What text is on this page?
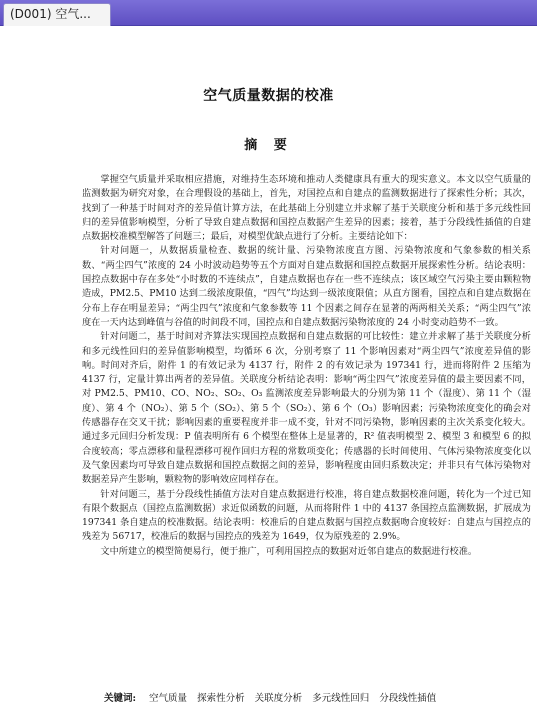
(D001) 空气...
空气质量数据的校准
摘 要

掌握空气质量并采取相应措施，对维持生态环境和推动人类健康具有重大的现实意义。本文以空气质量的监测数据为研究对象，在合理假设的基础上，首先，对国控点和自建点的监测数据进行了探索性分析；其次，找到了一种基于时间对齐的差异值计算方法，在此基础上分别建立并求解了基于关联度分析和基于多元线性回归的差异值影响模型，分析了导致自建点数据和国控点数据产生差异的因素；接着，基于分段线性插值的自建点数据校准模型解答了问题三；最后，对模型优缺点进行了分析。主要结论如下：

针对问题一，从数据质量检查、数据的统计量、污染物浓度直方图、污染物浓度和气象参数的相关系数、“两尘四气”浓度的 24 小时波动趋势等五个方面对自建点数据和国控点数据开展探索性分析。结论表明：国控点数据中存在多处“小时数的不连续点”，自建点数据也存在一些不连续点；该区域空气污染主要由颗粒物造成，PM2.5、PM10 达到二级浓度限值，“四气”均达到一级浓度限值；从直方图看，国控点和自建点数据在分布上存在明显差异；“两尘四气”浓度和气象参数等 11 个因素之间存在显著的两两相关关系；“两尘四气”浓度在一天内达到峰值与谷值的时间段不同，国控点和自建点数据污染物浓度的 24 小时变动趋势不一致。

针对问题二，基于时间对齐算法实现国控点数据和自建点数据的可比较性：建立并求解了基于关联度分析和多元线性回归的差异值影响模型，均循环 6 次，分别考察了 11 个影响因素对“两尘四气”浓度差异值的影响。时间对齐后，附件 1 的有效记录为 4137 行，附件 2 的有效记录为 197341 行，进而将附件 2 压缩为 4137 行，定量计算出两者的差异值。关联度分析结论表明：影响“两尘四气”浓度差异值的最主要因素不同，对 PM2.5、PM10、CO、NO₂、SO₂、O₃ 监测浓度差异影响最大的分别为第 11 个（湿度）、第 11 个（湿度）、第 4 个（NO₂）、第 5 个（SO₂）、第 5 个（SO₂）、第 6 个（O₃）影响因素；污染物浓度变化的确会对传感器存在交叉干扰；影响因素的重要程度并非一成不变，针对不同污染物，影响因素的主次关系变化较大。通过多元回归分析发现：P 值表明所有 6 个模型在整体上是显著的，R² 值表明模型 2、模型 3 和模型 6 的拟合度较高；零点漂移和量程漂移可视作回归方程的常数项变化；传感器的长时间使用、气体污染物浓度变化以及气象因素均可导致自建点数据和国控点数据之间的差异，影响程度由回归系数决定；并非只有气体污染物对数据差异产生影响，颗粒物的影响效应同样存在。

针对问题三，基于分段线性插值方法对自建点数据进行校准，将自建点数据校准问题，转化为一个过已知有限个数据点（国控点监测数据）求近似函数的问题，从而将附件 1 中的 4137 条国控点监测数据，扩展成为 197341 条自建点的校准数据。结论表明：校准后的自建点数据与国控点数据吻合度较好：自建点与国控点的残差为 56717，校准后的数据与国控点的残差为 1649，仅为原残差的 2.9%。

文中所建立的模型简便易行，便于推广，可利用国控点的数据对近邻自建点的数据进行校准。

关键词: 空气质量 探索性分析 关联度分析 多元线性回归 分段线性插值
